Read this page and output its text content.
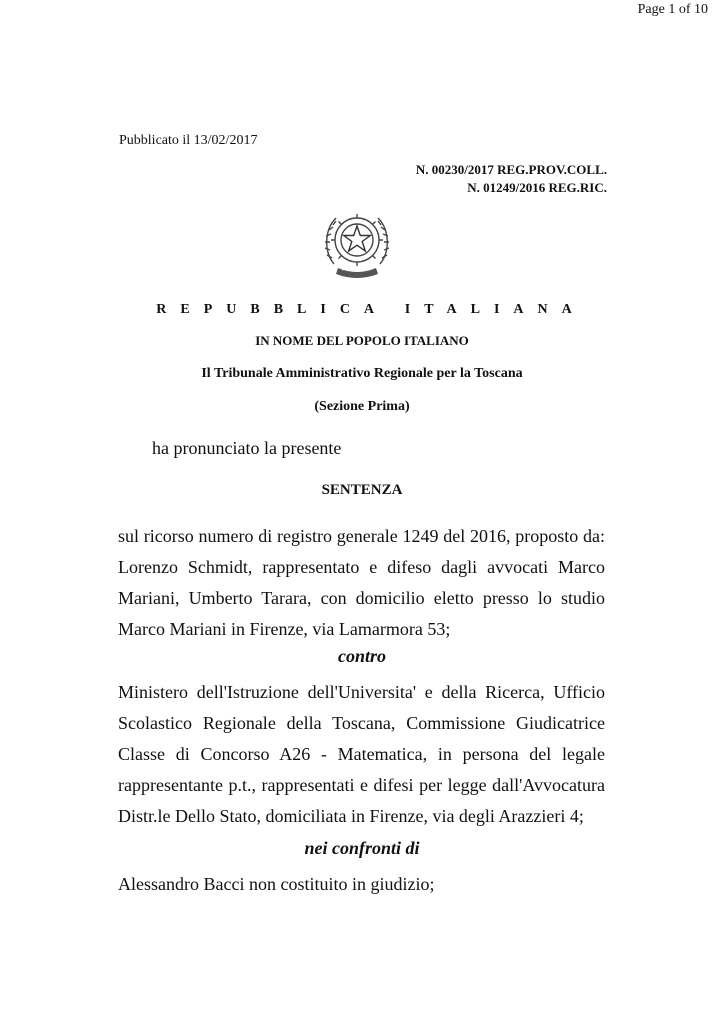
Page 1 of 10
Pubblicato il 13/02/2017
N. 00230/2017 REG.PROV.COLL.
N. 01249/2016 REG.RIC.
REPUBBLICA ITALIANA
IN NOME DEL POPOLO ITALIANO
Il Tribunale Amministrativo Regionale per la Toscana
(Sezione Prima)
ha pronunciato la presente
SENTENZA
sul ricorso numero di registro generale 1249 del 2016, proposto da:
Lorenzo Schmidt, rappresentato e difeso dagli avvocati Marco
Mariani, Umberto Tarara, con domicilio eletto presso lo studio
Marco Mariani in Firenze, via Lamarmora 53;
contro
Ministero dell'Istruzione dell'Universita' e della Ricerca, Ufficio
Scolastico Regionale della Toscana, Commissione Giudicatrice
Classe di Concorso A26 - Matematica, in persona del legale
rappresentante p.t., rappresentati e difesi per legge dall'Avvocatura
Distr.le Dello Stato, domiciliata in Firenze, via degli Arazzieri 4;
nei confronti di
Alessandro Bacci non costituito in giudizio;
